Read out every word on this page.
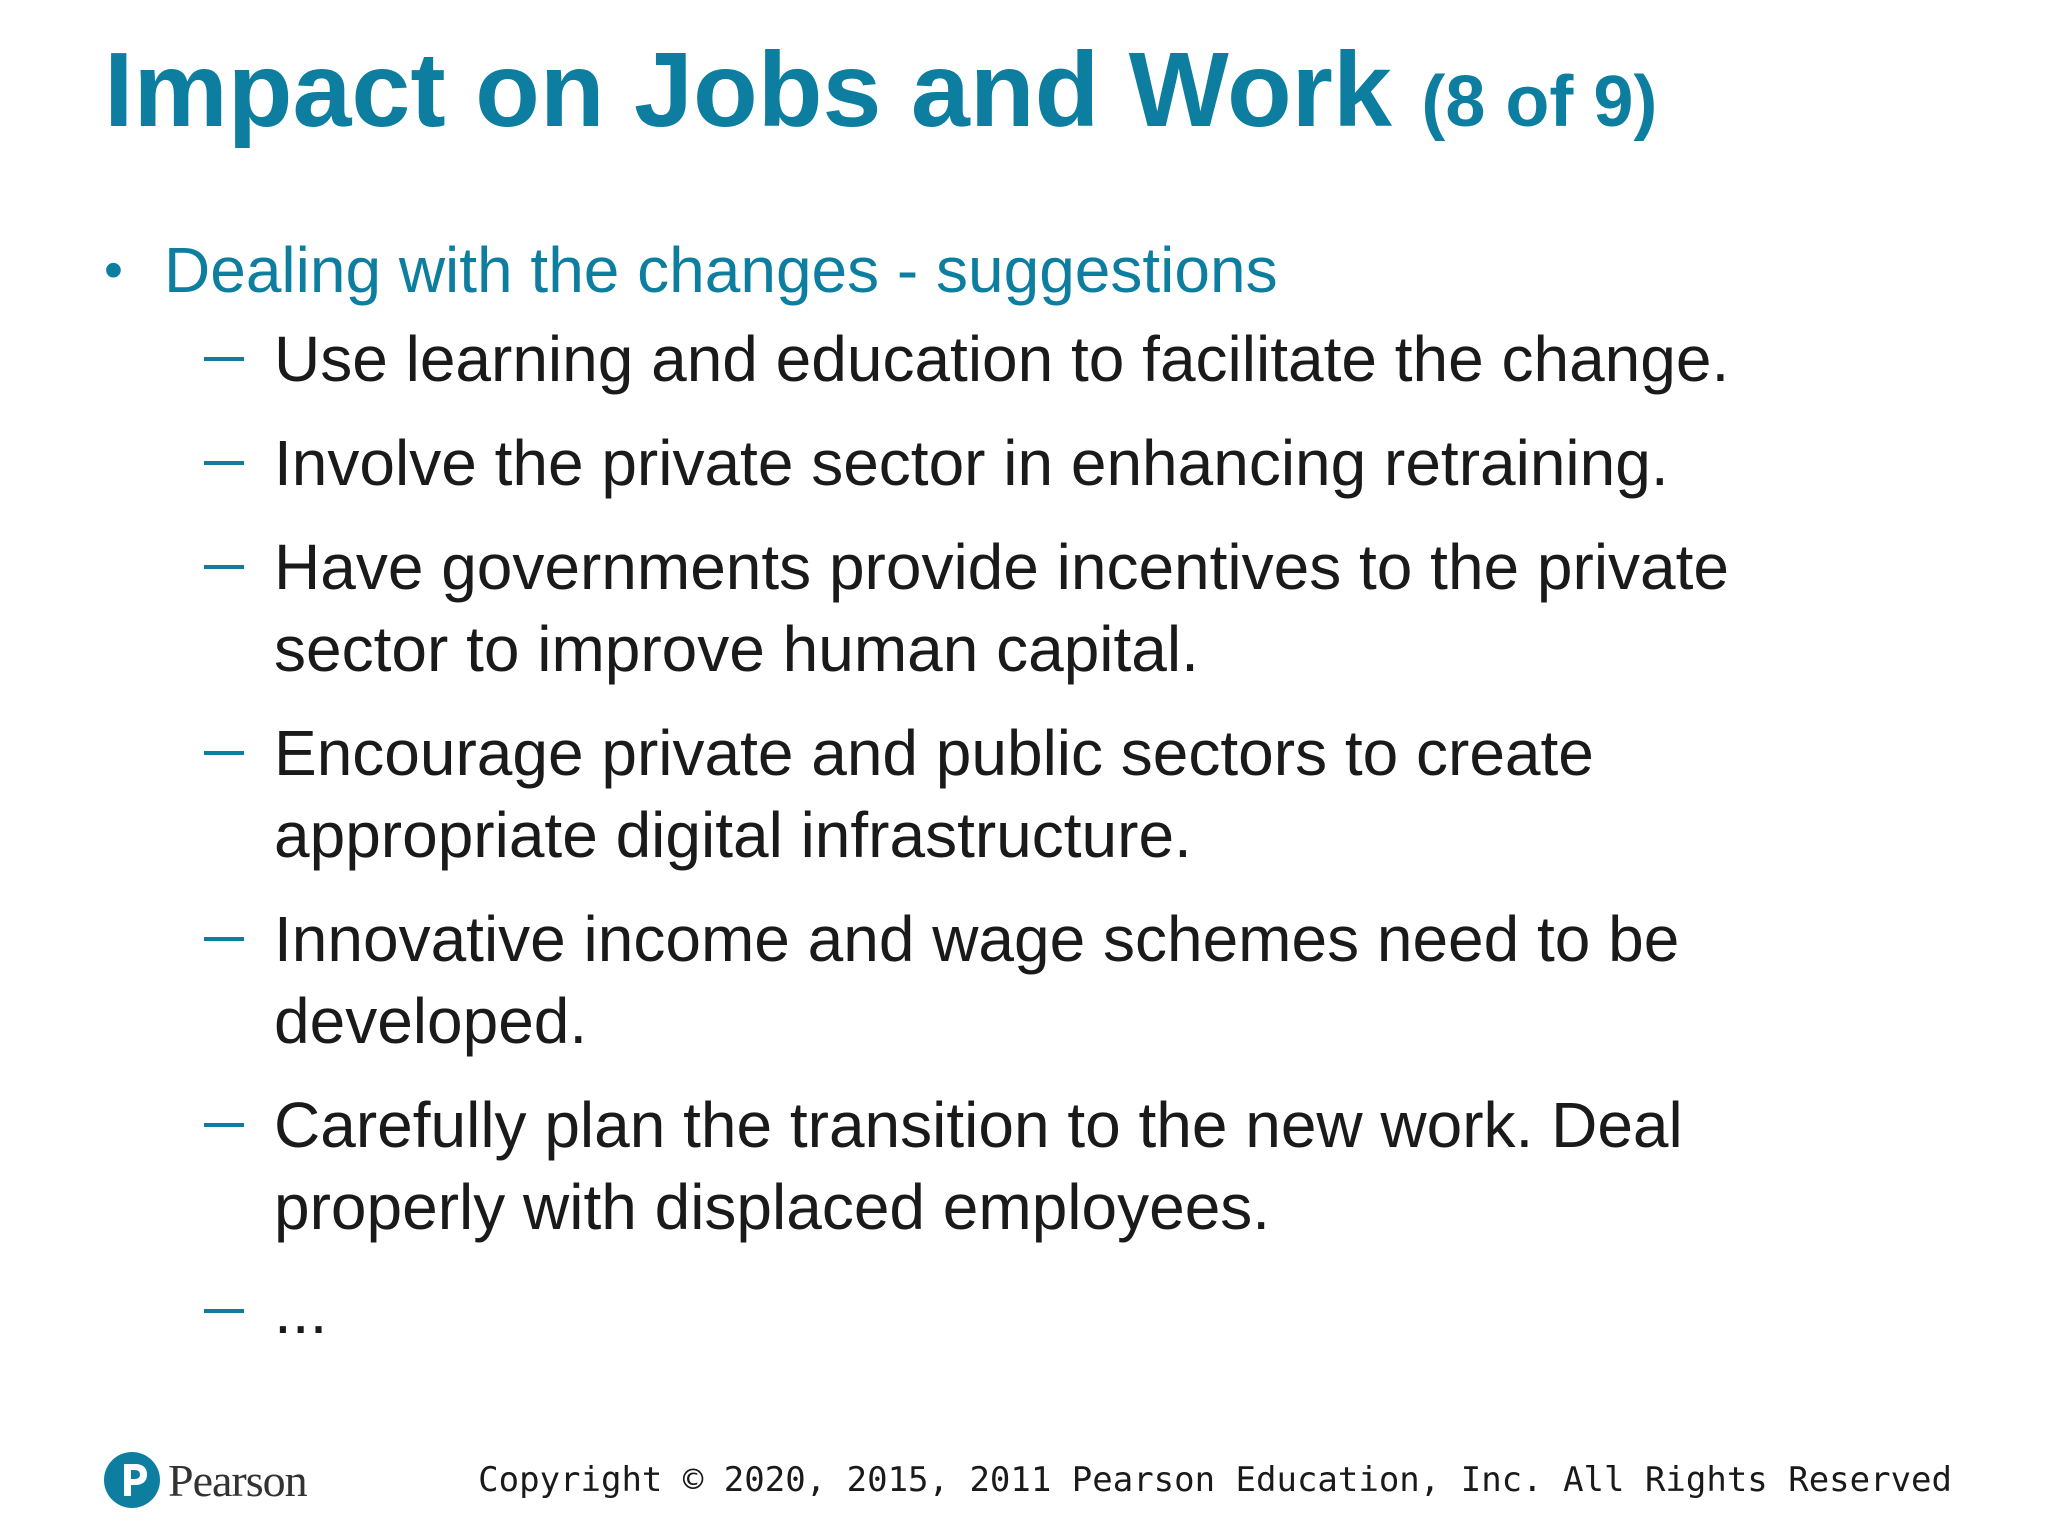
Impact on Jobs and Work (8 of 9)

• Dealing with the changes - suggestions

Use learning and education to facilitate the change.
Involve the private sector in enhancing retraining.
Have governments provide incentives to the private sector to improve human capital.
Encourage private and public sectors to create appropriate digital infrastructure.
Innovative income and wage schemes need to be developed.
Carefully plan the transition to the new work. Deal properly with displaced employees.
...
Pearson	Copyright © 2020, 2015, 2011 Pearson Education, Inc. All Rights Reserved
